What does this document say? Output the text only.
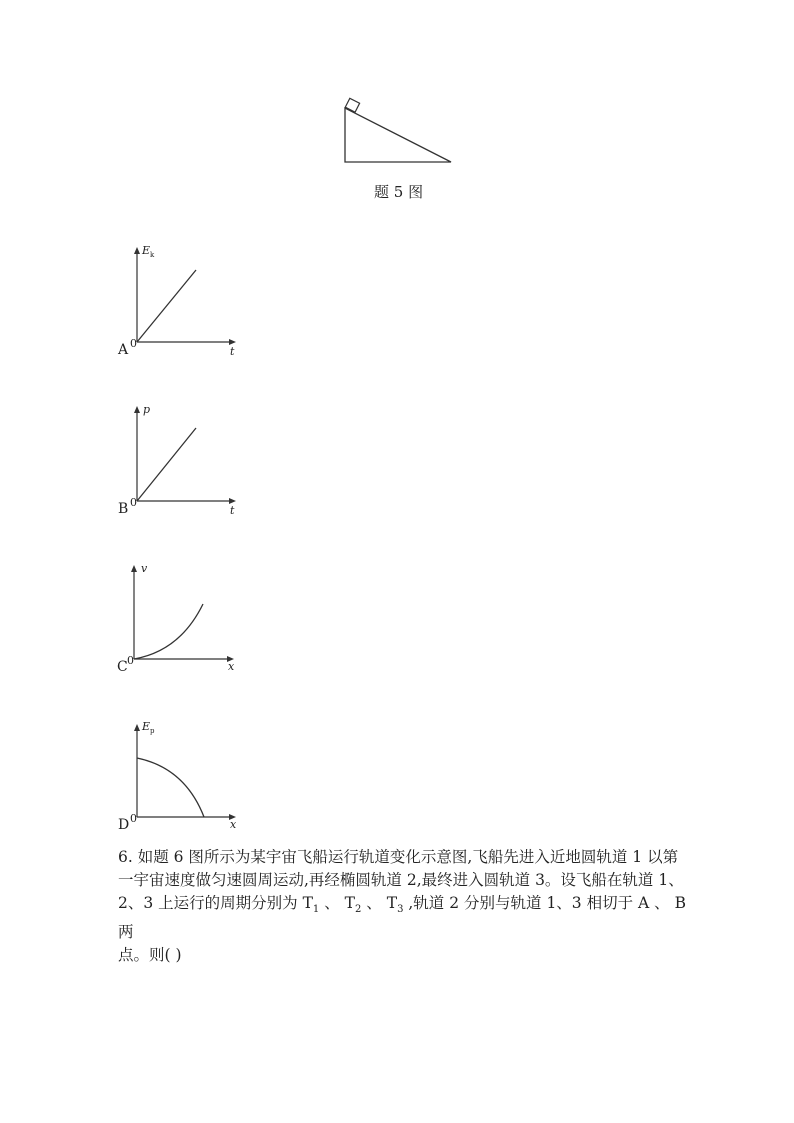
题 5 图
A 0
$E_k$
t
B 0
p
t
C 0
v
x
D 0
$E_p$
x
6. 如题 6 图所示为某宇宙飞船运行轨道变化示意图,飞船先进入近地圆轨道 1 以第
一宇宙速度做匀速圆周运动,再经椭圆轨道 2,最终进入圆轨道 3。设飞船在轨道 1、
2、3 上运行的周期分别为 $T_1$ 、 $T_2$ 、 $T_3$ ,轨道 2 分别与轨道 1、3 相切于 A 、 B 两
点。则( )
